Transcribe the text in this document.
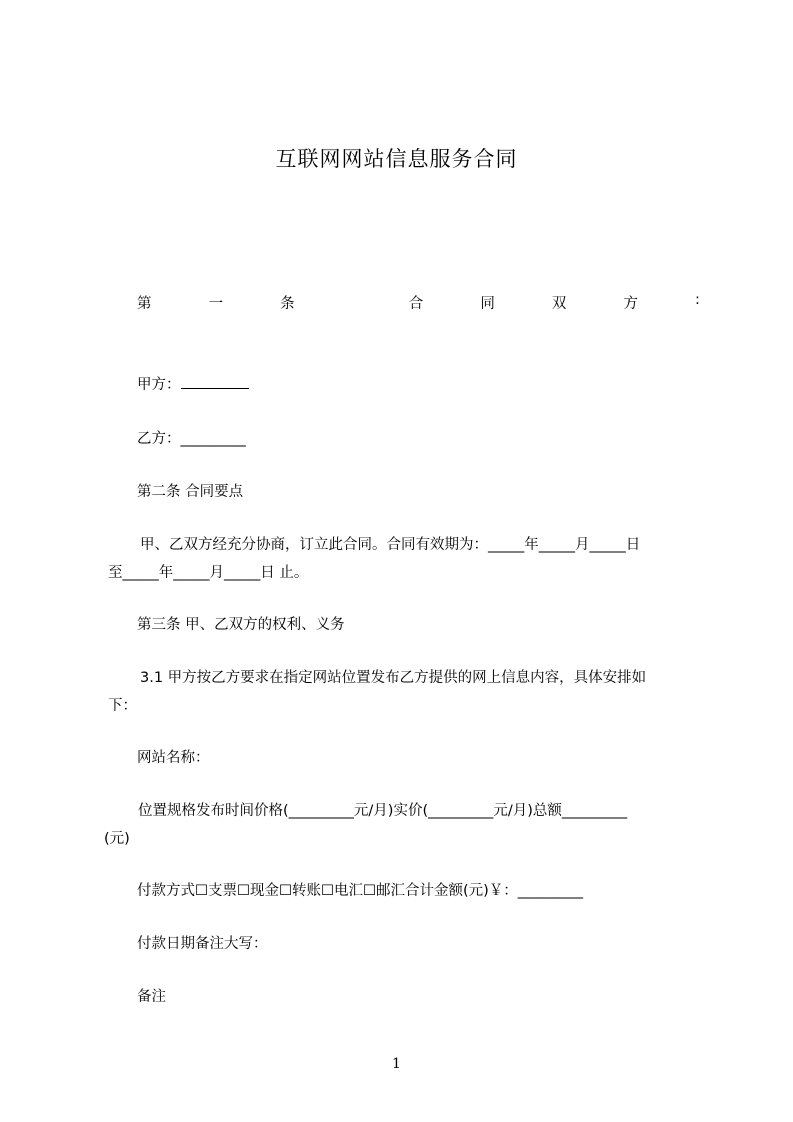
互联网网站信息服务合同
第	一	条	合	同	双	方	:
甲方：
乙方：_________
第二条 合同要点
甲、乙双方经充分协商，订立此合同。合同有效期为：_____年_____月_____日
至_____年_____月_____日 止。
第三条 甲、乙双方的权利、义务
3.1 甲方按乙方要求在指定网站位置发布乙方提供的网上信息内容，具体安排如
下：
网站名称：
位置规格发布时间价格(_________元/月)实价(_________元/月)总额_________
(元)
付款方式☐支票☐现金☐转账☐电汇☐邮汇合计金额(元)￥：_________
付款日期备注大写：
备注
1
